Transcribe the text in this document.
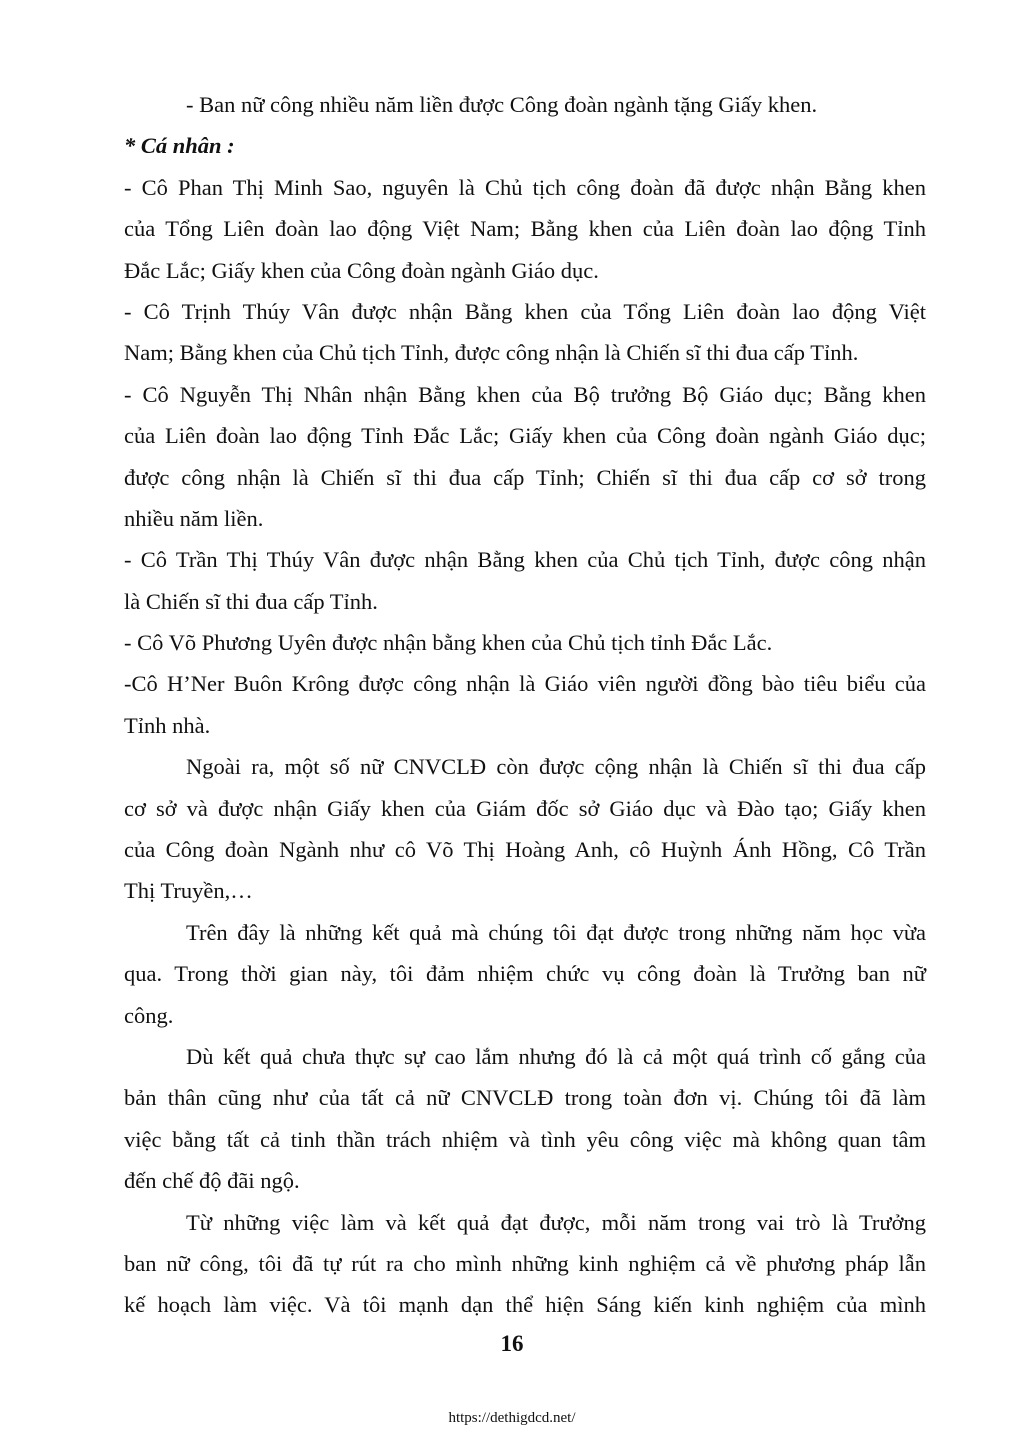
- Ban nữ công nhiều năm liền được Công đoàn ngành tặng Giấy khen.
* Cá nhân :
- Cô Phan Thị Minh Sao, nguyên là Chủ tịch công đoàn đã được nhận Bằng khen
của Tổng Liên đoàn lao động Việt Nam; Bằng khen của Liên đoàn lao động Tỉnh
Đắc Lắc; Giấy khen của Công đoàn ngành Giáo dục.
- Cô Trịnh Thúy Vân được nhận Bằng khen của Tổng Liên đoàn lao động Việt
Nam; Bằng khen của Chủ tịch Tỉnh, được công nhận là Chiến sĩ thi đua cấp Tỉnh.
- Cô Nguyễn Thị Nhân nhận Bằng khen của Bộ trưởng Bộ Giáo dục; Bằng khen
của Liên đoàn lao động Tỉnh Đắc Lắc; Giấy khen của Công đoàn ngành Giáo dục;
được công nhận là Chiến sĩ thi đua cấp Tỉnh; Chiến sĩ thi đua cấp cơ sở trong
nhiều năm liền.
- Cô Trần Thị Thúy Vân được nhận Bằng khen của Chủ tịch Tỉnh, được công nhận
là Chiến sĩ thi đua cấp Tỉnh.
- Cô Võ Phương Uyên được nhận bằng khen của Chủ tịch tỉnh Đắc Lắc.
-Cô H’Ner Buôn Krông được công nhận là Giáo viên người đồng bào tiêu biểu của
Tỉnh nhà.
Ngoài ra, một số nữ CNVCLĐ còn được cộng nhận là Chiến sĩ thi đua cấp
cơ sở và được nhận Giấy khen của Giám đốc sở Giáo dục và Đào tạo; Giấy khen
của Công đoàn Ngành như cô Võ Thị Hoàng Anh, cô Huỳnh Ánh Hồng, Cô Trần
Thị Truyền,…
Trên đây là những kết quả mà chúng tôi đạt được trong những năm học vừa
qua. Trong thời gian này, tôi đảm nhiệm chức vụ công đoàn là Trưởng ban nữ
công.
Dù kết quả chưa thực sự cao lắm nhưng đó là cả một quá trình cố gắng của
bản thân cũng như của tất cả nữ CNVCLĐ trong toàn đơn vị. Chúng tôi đã làm
việc bằng tất cả tinh thần trách nhiệm và tình yêu công việc mà không quan tâm
đến chế độ đãi ngộ.
Từ những việc làm và kết quả đạt được, mỗi năm trong vai trò là Trưởng
ban nữ công, tôi đã tự rút ra cho mình những kinh nghiệm cả về phương pháp lẫn
kế hoạch làm việc. Và tôi mạnh dạn thể hiện Sáng kiến kinh nghiệm của mình
16
https://dethigdcd.net/
